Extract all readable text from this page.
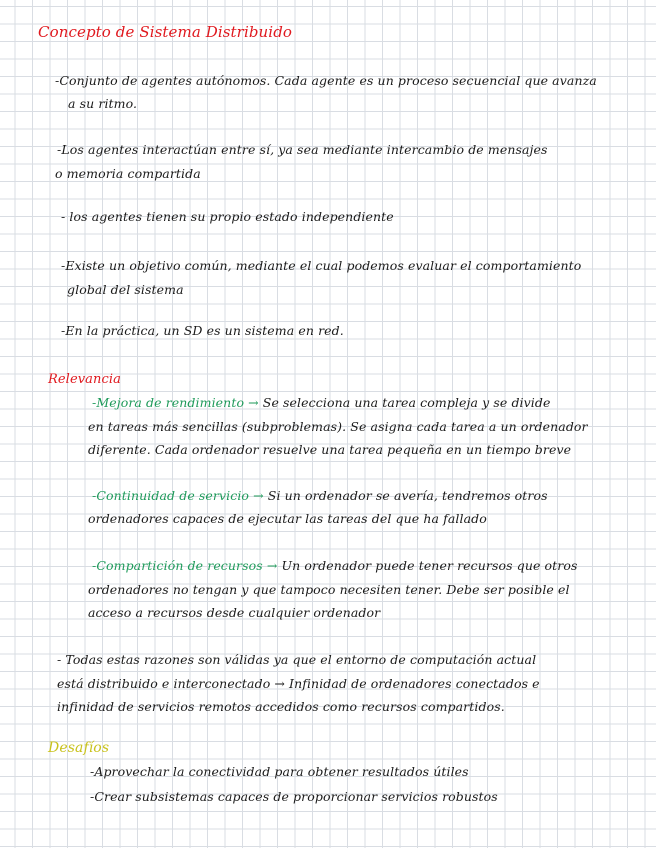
Concepto de Sistema Distribuido
-Conjunto de agentes autónomos. Cada agente es un proceso secuencial que avanza
a su ritmo.
-Los agentes interactúan entre sí, ya sea mediante intercambio de mensajes
o memoria compartida
- los agentes tienen su propio estado independiente
-Existe un objetivo común, mediante el cual podemos evaluar el comportamiento
global del sistema
-En la práctica, un SD es un sistema en red.
Relevancia
-Mejora de rendimiento → Se selecciona una tarea compleja y se divide
en tareas más sencillas (subproblemas). Se asigna cada tarea a un ordenador
diferente. Cada ordenador resuelve una tarea pequeña en un tiempo breve
-Continuidad de servicio → Si un ordenador se avería, tendremos otros
ordenadores capaces de ejecutar las tareas del que ha fallado
-Compartición de recursos → Un ordenador puede tener recursos que otros
ordenadores no tengan y que tampoco necesiten tener. Debe ser posible el
acceso a recursos desde cualquier ordenador
- Todas estas razones son válidas ya que el entorno de computación actual
está distribuido e interconectado → Infinidad de ordenadores conectados e
infinidad de servicios remotos accedidos como recursos compartidos.
Desafíos
-Aprovechar la conectividad para obtener resultados útiles
-Crear subsistemas capaces de proporcionar servicios robustos
